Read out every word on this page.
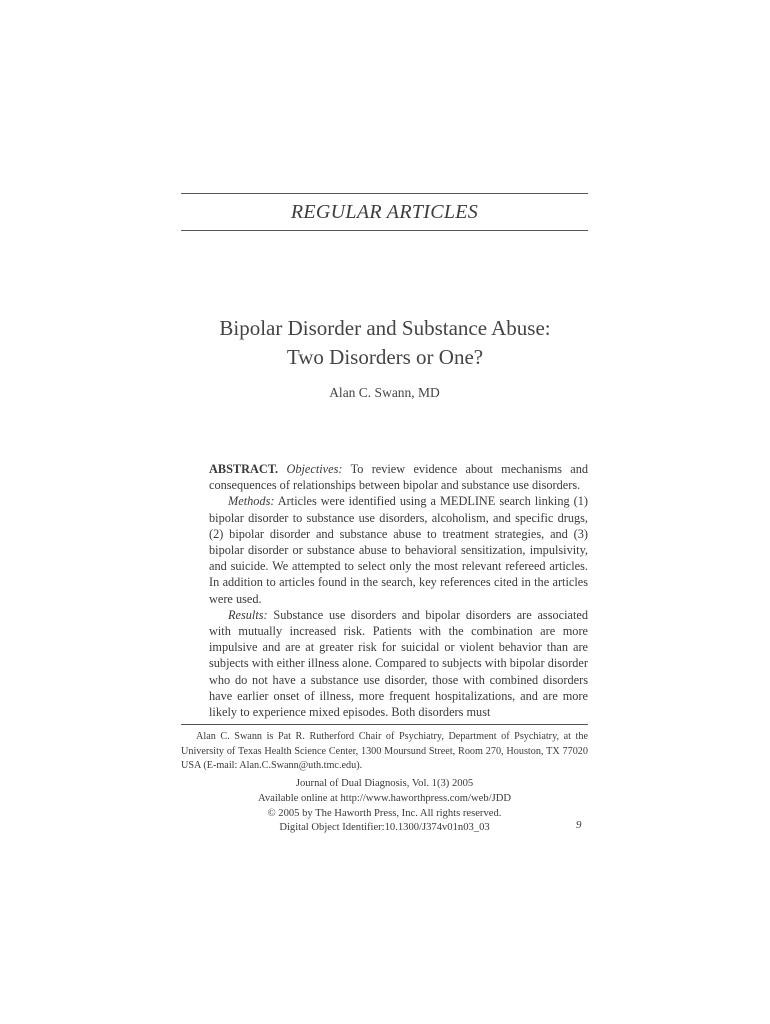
REGULAR ARTICLES
Bipolar Disorder and Substance Abuse:
Two Disorders or One?
Alan C. Swann, MD

ABSTRACT. Objectives: To review evidence about mechanisms and consequences of relationships between bipolar and substance use disorders.

Methods: Articles were identified using a MEDLINE search linking (1) bipolar disorder to substance use disorders, alcoholism, and specific drugs, (2) bipolar disorder and substance abuse to treatment strategies, and (3) bipolar disorder or substance abuse to behavioral sensitization, impulsivity, and suicide. We attempted to select only the most relevant refereed articles. In addition to articles found in the search, key references cited in the articles were used.

Results: Substance use disorders and bipolar disorders are associated with mutually increased risk. Patients with the combination are more impulsive and are at greater risk for suicidal or violent behavior than are subjects with either illness alone. Compared to subjects with bipolar disorder who do not have a substance use disorder, those with combined disorders have earlier onset of illness, more frequent hospitalizations, and are more likely to experience mixed episodes. Both disorders must

Alan C. Swann is Pat R. Rutherford Chair of Psychiatry, Department of Psychiatry, at the University of Texas Health Science Center, 1300 Moursund Street, Room 270, Houston, TX 77020 USA (E-mail: Alan.C.Swann@uth.tmc.edu).
Journal of Dual Diagnosis, Vol. 1(3) 2005
Available online at http://www.haworthpress.com/web/JDD
© 2005 by The Haworth Press, Inc. All rights reserved.
Digital Object Identifier:10.1300/J374v01n03_03	9
